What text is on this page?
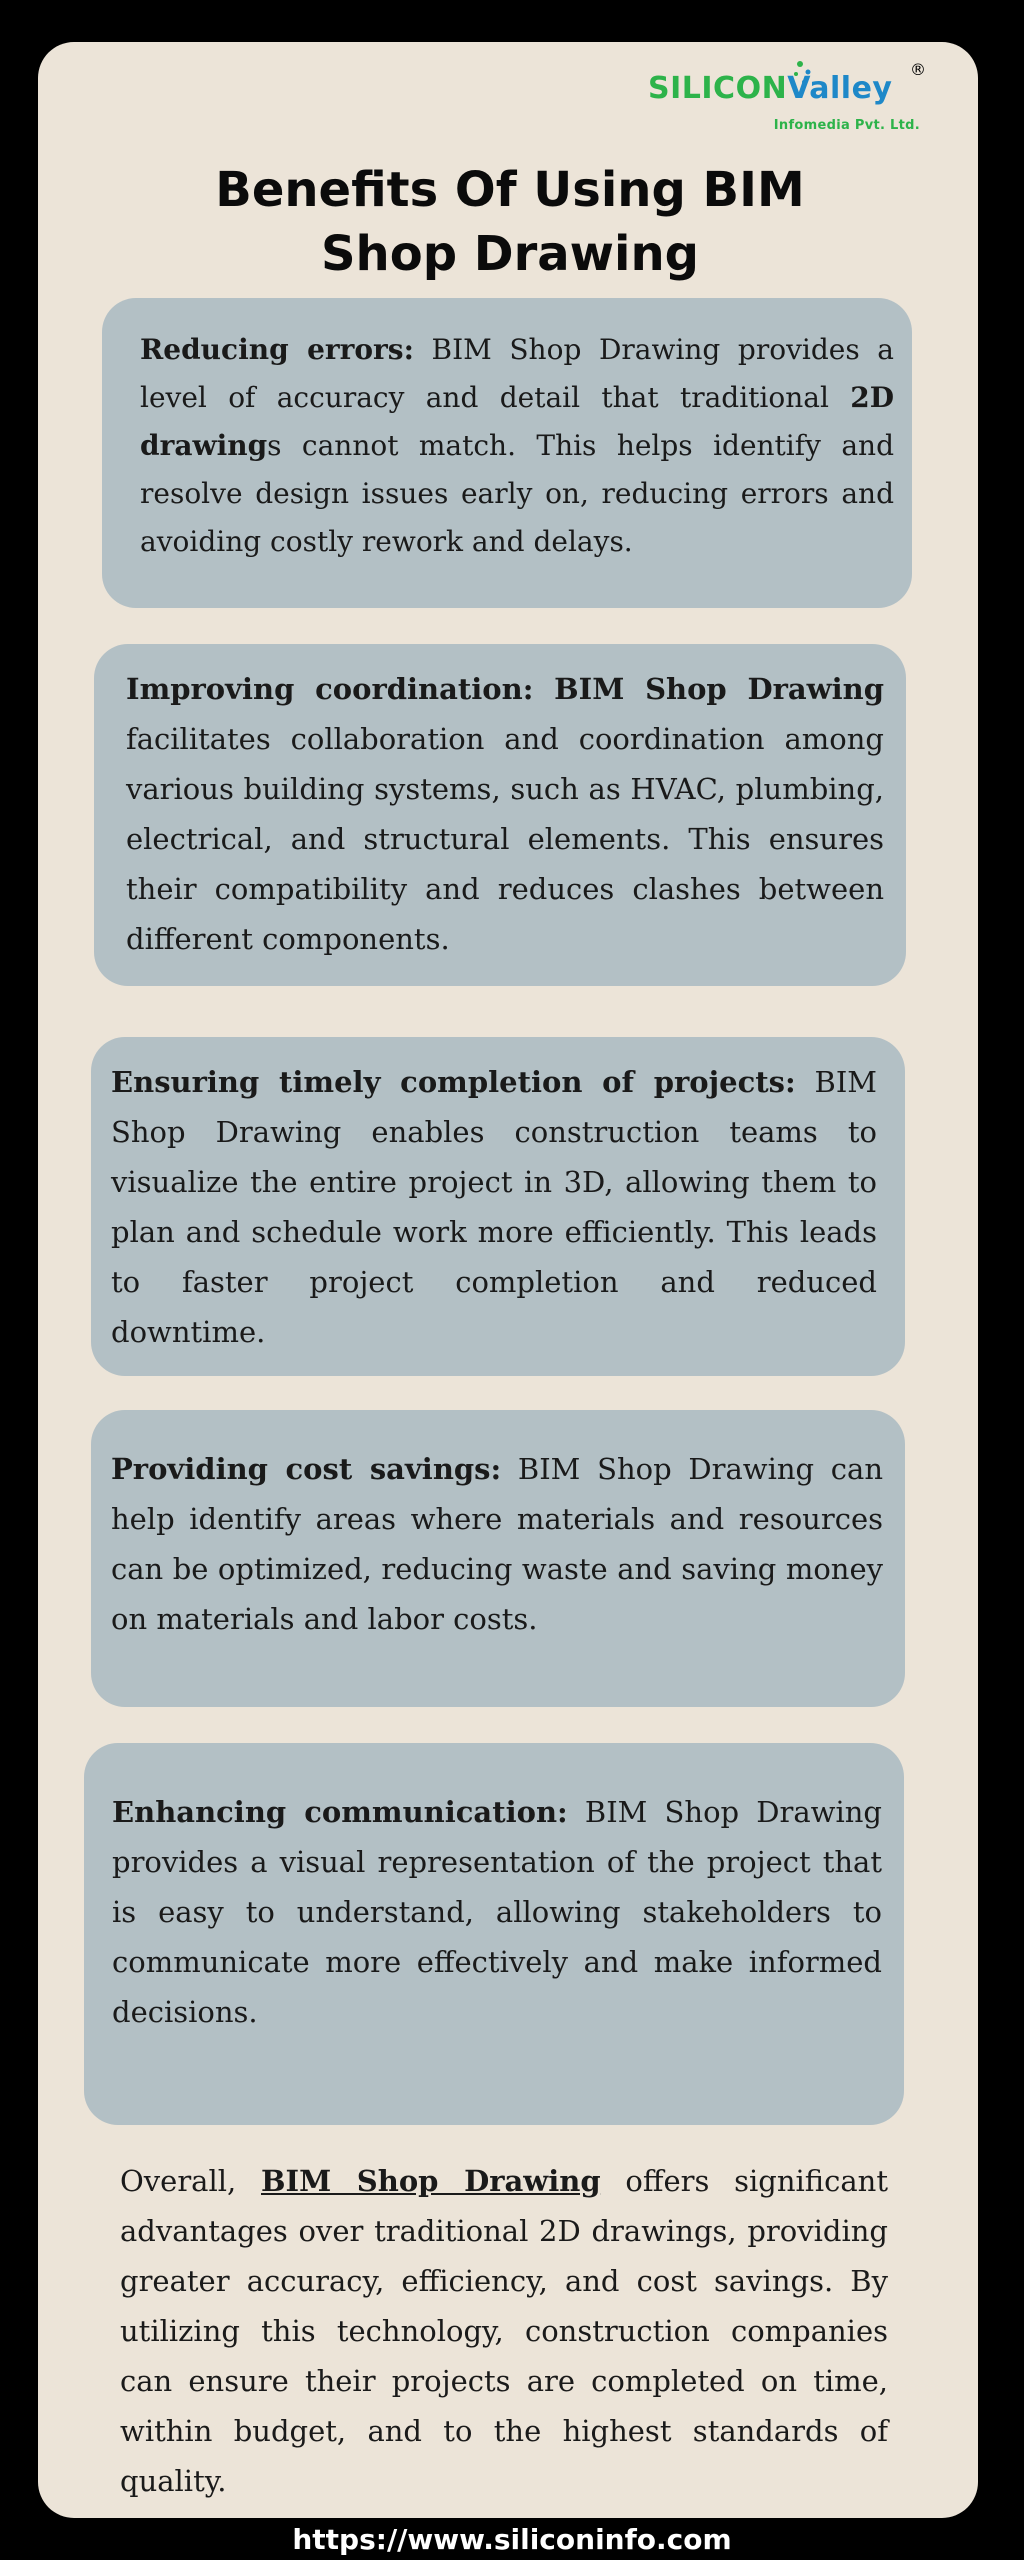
SILICONValley
Infomedia Pvt. Ltd.
®
Benefits Of Using BIM
Shop Drawing

Reducing errors: BIM Shop Drawing provides a level of accuracy and detail that traditional 2D drawings cannot match. This helps identify and resolve design issues early on, reducing errors and avoiding costly rework and delays.

Improving coordination: BIM Shop Drawing facilitates collaboration and coordination among various building systems, such as HVAC, plumbing, electrical, and structural elements. This ensures their compatibility and reduces clashes between different components.

Ensuring timely completion of projects: BIM Shop Drawing enables construction teams to visualize the entire project in 3D, allowing them to plan and schedule work more efficiently. This leads to faster project completion and reduced downtime.

Providing cost savings: BIM Shop Drawing can help identify areas where materials and resources can be optimized, reducing waste and saving money on materials and labor costs.

Enhancing communication: BIM Shop Drawing provides a visual representation of the project that is easy to understand, allowing stakeholders to communicate more effectively and make informed decisions.

Overall, BIM Shop Drawing offers significant advantages over traditional 2D drawings, providing greater accuracy, efficiency, and cost savings. By utilizing this technology, construction companies can ensure their projects are completed on time, within budget, and to the highest standards of quality.

https://www.siliconinfo.com
